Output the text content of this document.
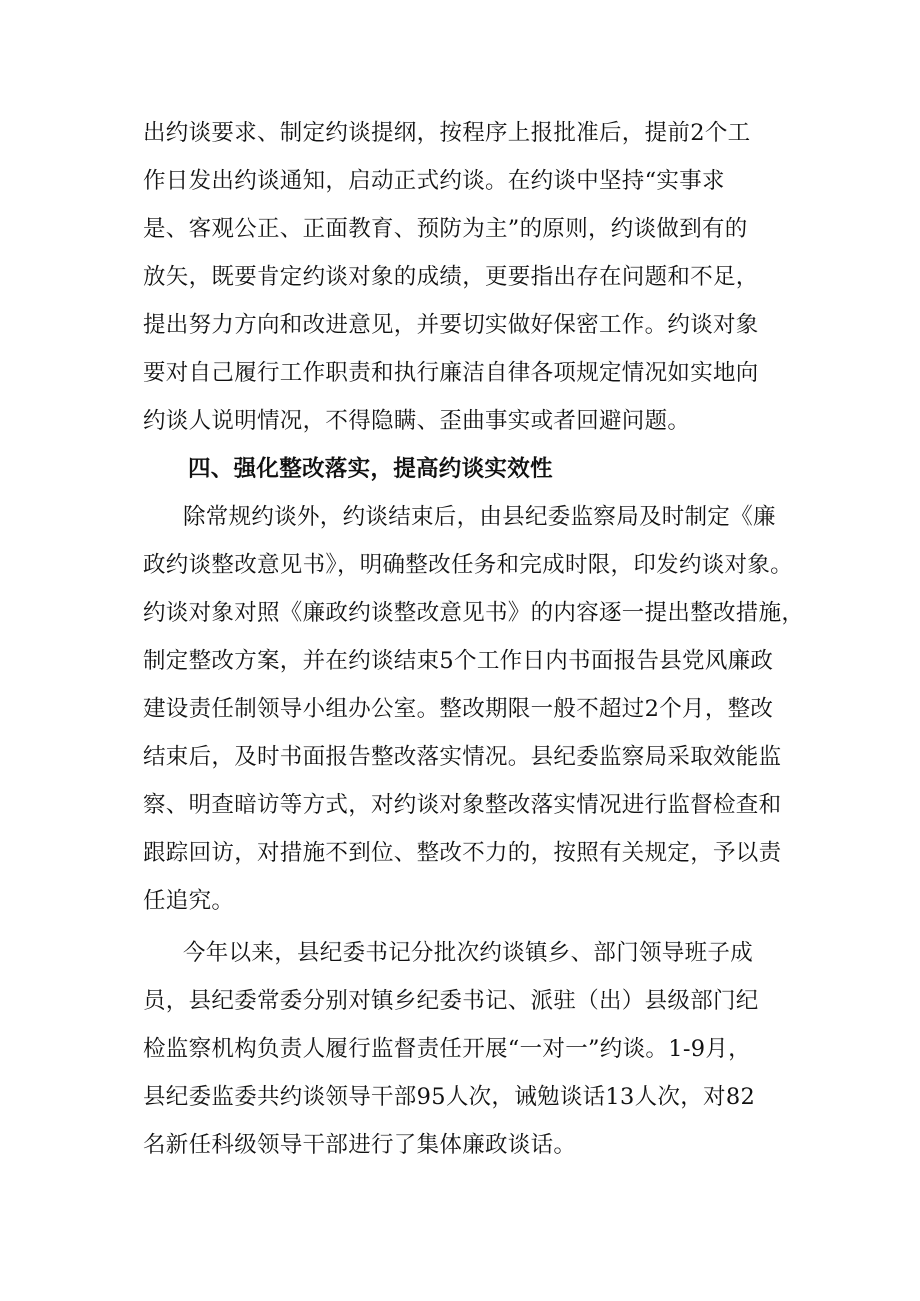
出约谈要求、制定约谈提纲，按程序上报批准后，提前2个工
作日发出约谈通知，启动正式约谈。在约谈中坚持“实事求
是、客观公正、正面教育、预防为主”的原则，约谈做到有的
放矢，既要肯定约谈对象的成绩，更要指出存在问题和不足，
提出努力方向和改进意见，并要切实做好保密工作。约谈对象
要对自己履行工作职责和执行廉洁自律各项规定情况如实地向
约谈人说明情况，不得隐瞒、歪曲事实或者回避问题。
四、强化整改落实，提高约谈实效性
除常规约谈外，约谈结束后，由县纪委监察局及时制定《廉
政约谈整改意见书》，明确整改任务和完成时限，印发约谈对象。
约谈对象对照《廉政约谈整改意见书》的内容逐一提出整改措施，
制定整改方案，并在约谈结束5个工作日内书面报告县党风廉政
建设责任制领导小组办公室。整改期限一般不超过2个月，整改
结束后，及时书面报告整改落实情况。县纪委监察局采取效能监
察、明查暗访等方式，对约谈对象整改落实情况进行监督检查和
跟踪回访，对措施不到位、整改不力的，按照有关规定，予以责
任追究。
今年以来，县纪委书记分批次约谈镇乡、部门领导班子成
员，县纪委常委分别对镇乡纪委书记、派驻（出）县级部门纪
检监察机构负责人履行监督责任开展“一对一”约谈。1-9月，
县纪委监委共约谈领导干部95人次，诫勉谈话13人次，对82
名新任科级领导干部进行了集体廉政谈话。
